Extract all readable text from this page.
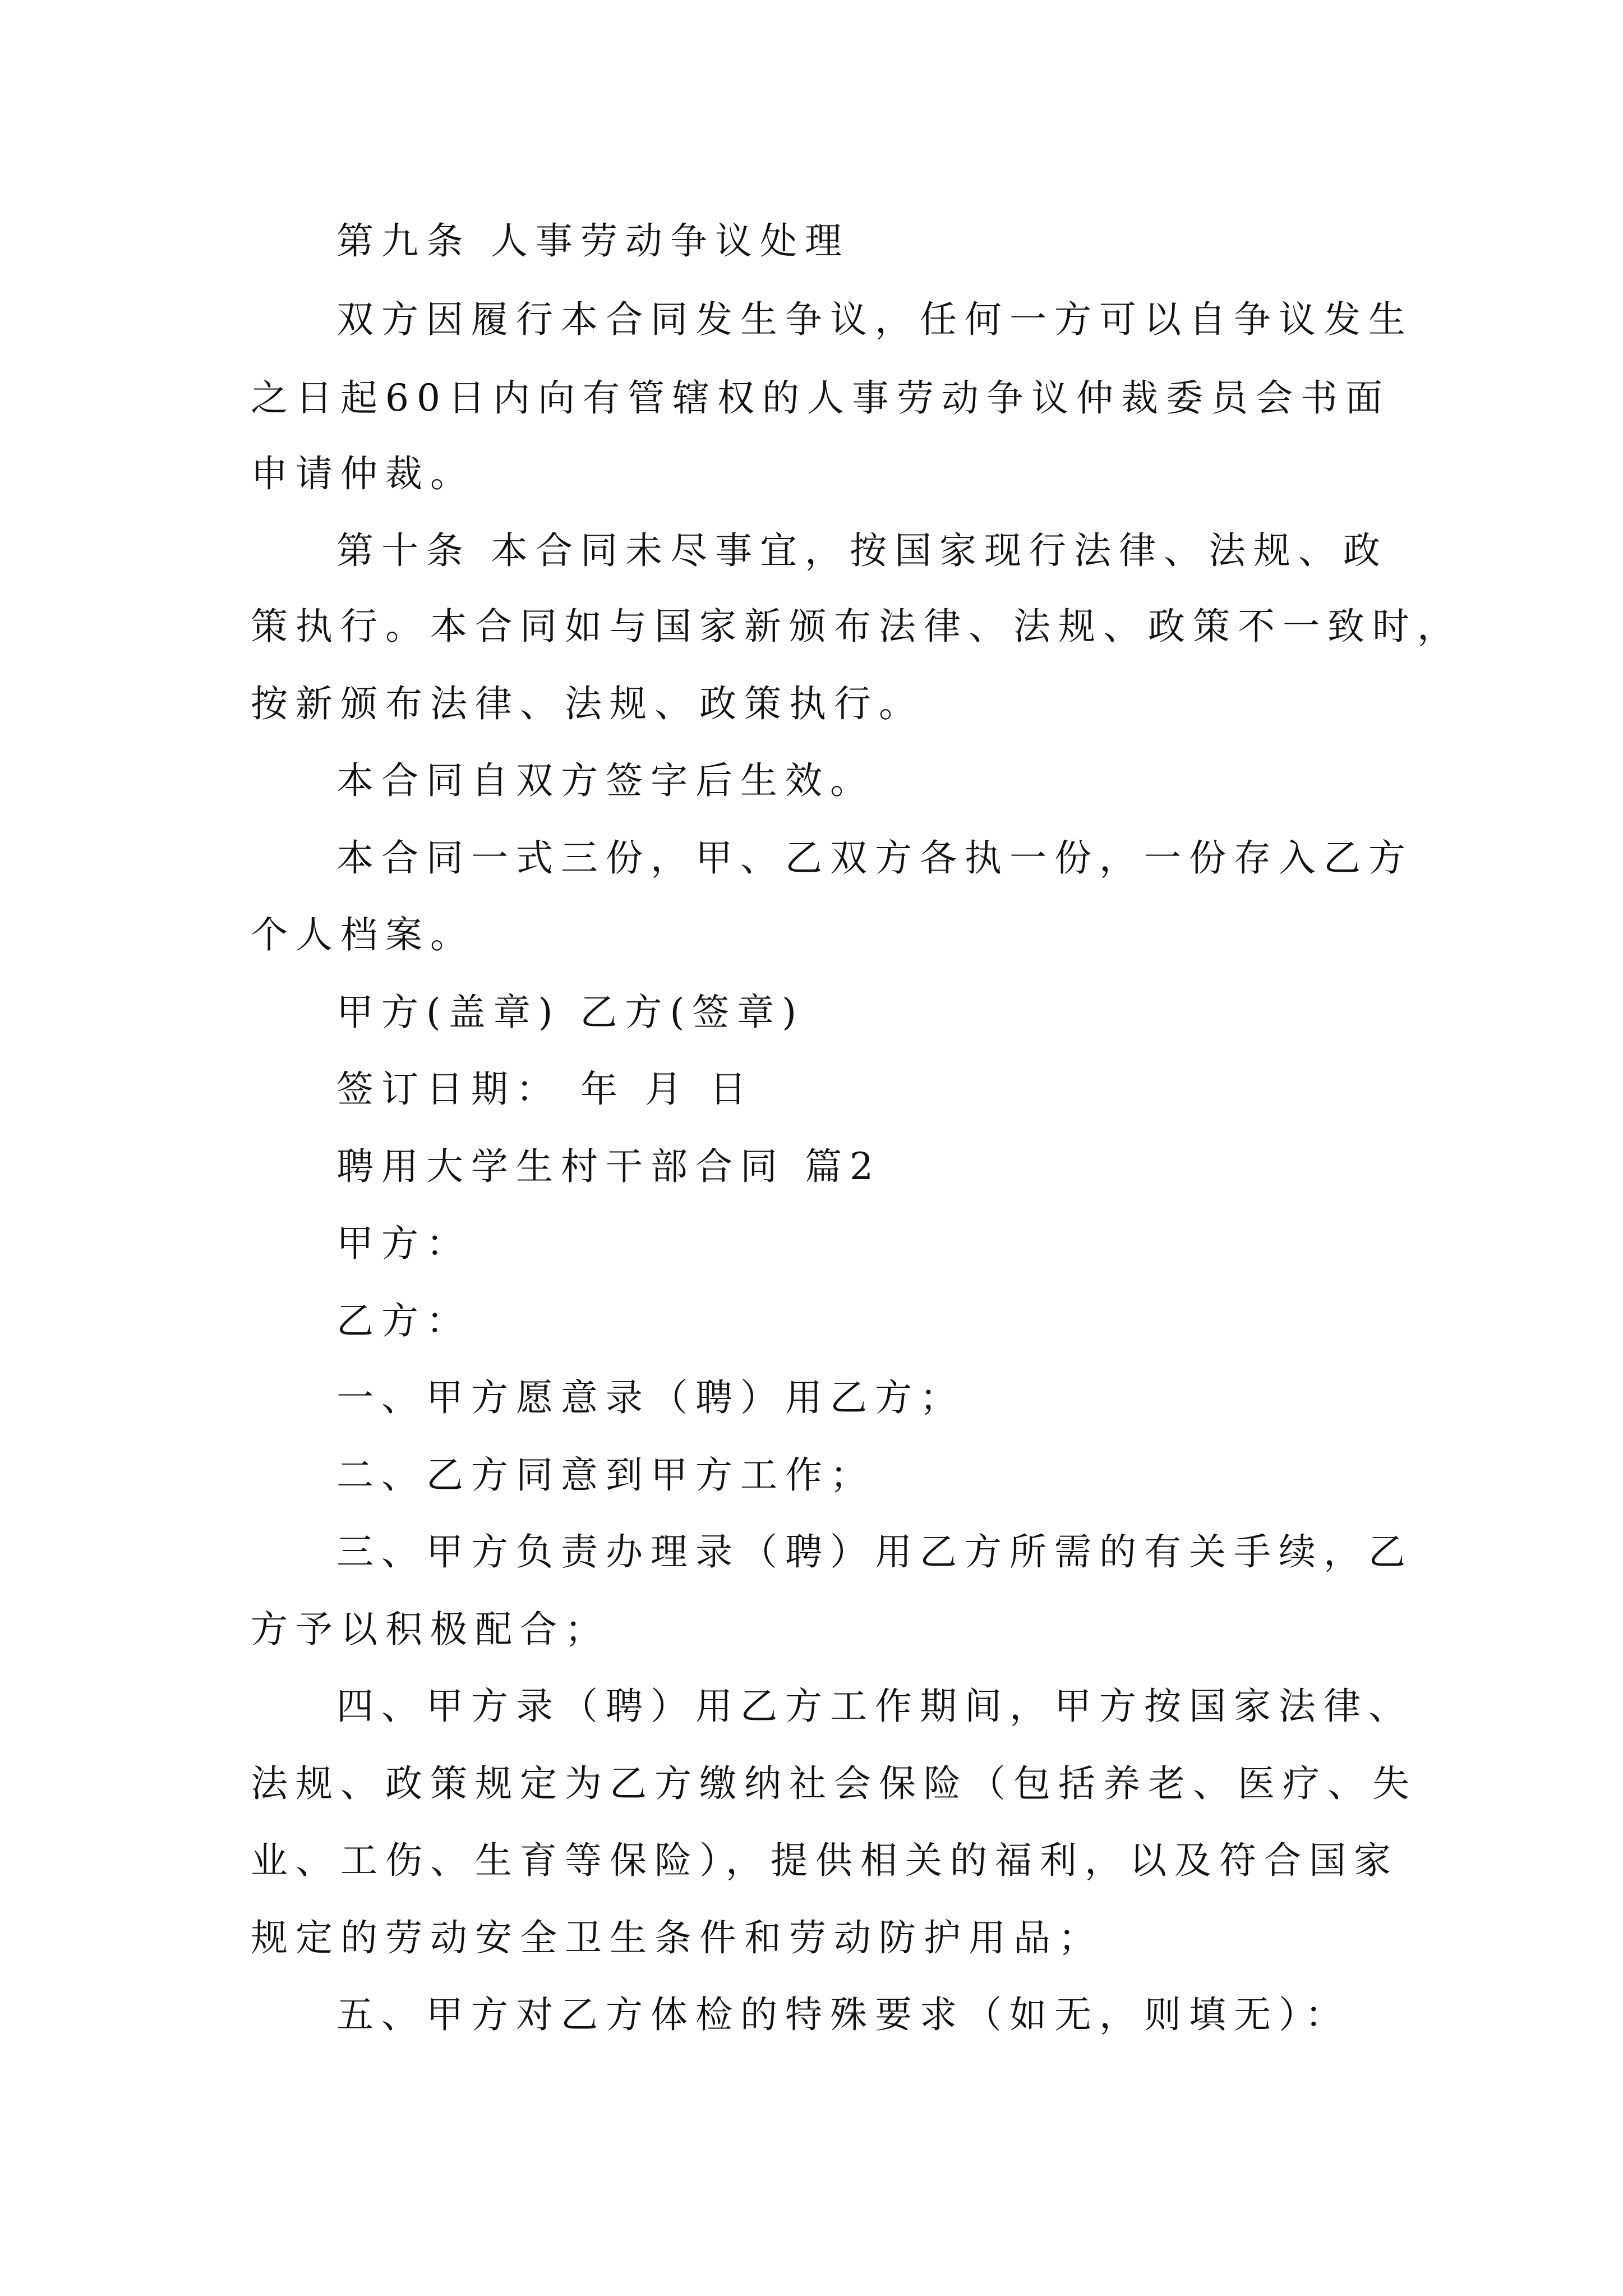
第九条 人事劳动争议处理

双方因履行本合同发生争议，任何一方可以自争议发生

之日起60日内向有管辖权的人事劳动争议仲裁委员会书面

申请仲裁。

第十条 本合同未尽事宜，按国家现行法律、法规、政

策执行。本合同如与国家新颁布法律、法规、政策不一致时，

按新颁布法律、法规、政策执行。

本合同自双方签字后生效。

本合同一式三份，甲、乙双方各执一份，一份存入乙方

个人档案。

甲方(盖章) 乙方(签章)

签订日期： 年 月 日

聘用大学生村干部合同 篇2

甲方：

乙方：

一、甲方愿意录（聘）用乙方；

二、乙方同意到甲方工作；

三、甲方负责办理录（聘）用乙方所需的有关手续，乙

方予以积极配合；

四、甲方录（聘）用乙方工作期间，甲方按国家法律、

法规、政策规定为乙方缴纳社会保险（包括养老、医疗、失

业、工伤、生育等保险），提供相关的福利，以及符合国家

规定的劳动安全卫生条件和劳动防护用品；

五、甲方对乙方体检的特殊要求（如无，则填无）：
